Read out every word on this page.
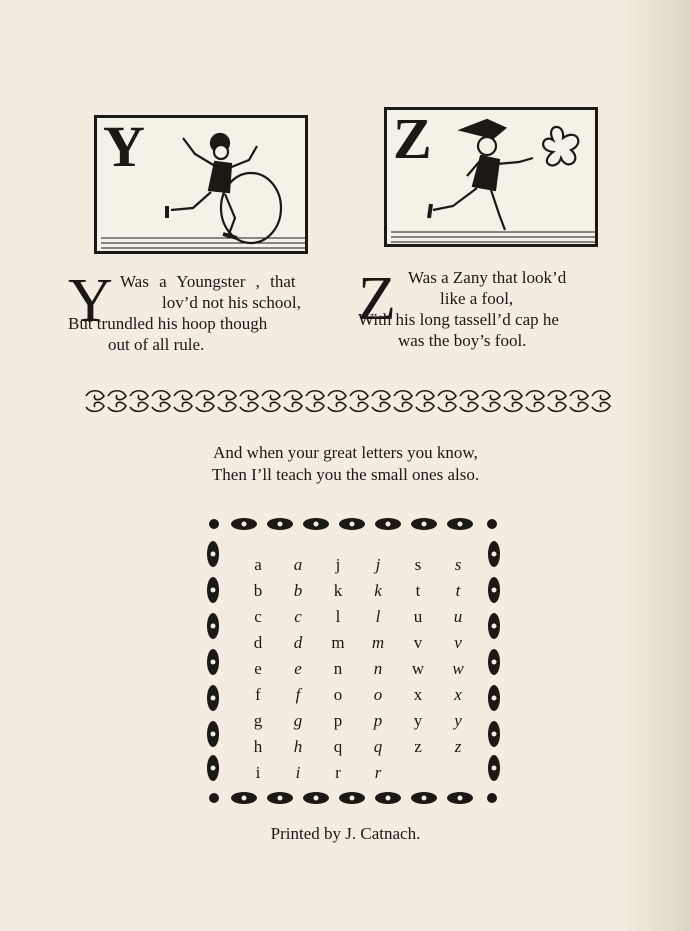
Y	Z
Y Was a Youngster , that
lov’d not his school,
But trundled his hoop though
out of all rule.
Z Was a Zany that look’d
like a fool,
With his long tassell’d cap he
was the boy’s fool.
And when your great letters you know,
Then I’ll teach you the small ones also.
a	a	j	j	s	s
b	b	k	k	t	t
c	c	l	l	u	u
d	d	m	m	v	v
e	e	n	n	w	w
f	f	o	o	x	x
g	g	p	p	y	y
h	h	q	q	z	z
i	i	r	r
Printed by J. Catnach.
